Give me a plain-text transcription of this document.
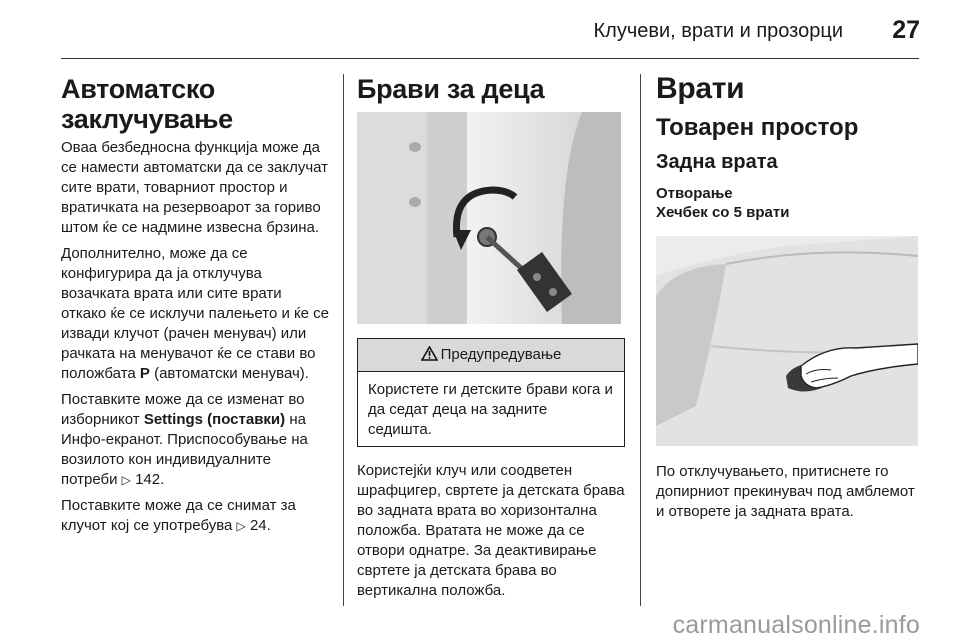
Клучеви, врати и прозорци 27
Автоматско заклучување

Оваа безбедносна функција може да се намести автоматски да се заклучат сите врати, товарниот простор и вратичката на резервоарот за гориво штом ќе се надмине извесна брзина.

Дополнително, може да се конфигурира да ја отклучува возачката врата или сите врати откако ќе се исклучи палењето и ќе се извади клучот (рачен менувач) или рачката на менувачот ќе се стави во положбата P (автоматски менувач).

Поставките може да се изменат во изборникот Settings (поставки) на Инфо-екранот. Приспособување на возилото кон индивидуалните потреби ▷ 142.

Поставките може да се снимат за клучот кој се употребува ▷ 24.

Брави за деца
Предупредување
Користете ги детските брави кога и да седат деца на задните седишта.

Користејќи клуч или соодветен шрафцигер, свртете ја детската брава во задната врата во хоризонтална положба. Вратата не може да се отвори однатре. За деактивирање свртете ја детската брава во вертикална положба.

Врати
Товарен простор
Задна врата
Отворање
Хечбек со 5 врати

По отклучувањето, притиснете го допирниот прекинувач под амблемот и отворете ја задната врата.

carmanualsonline.info
